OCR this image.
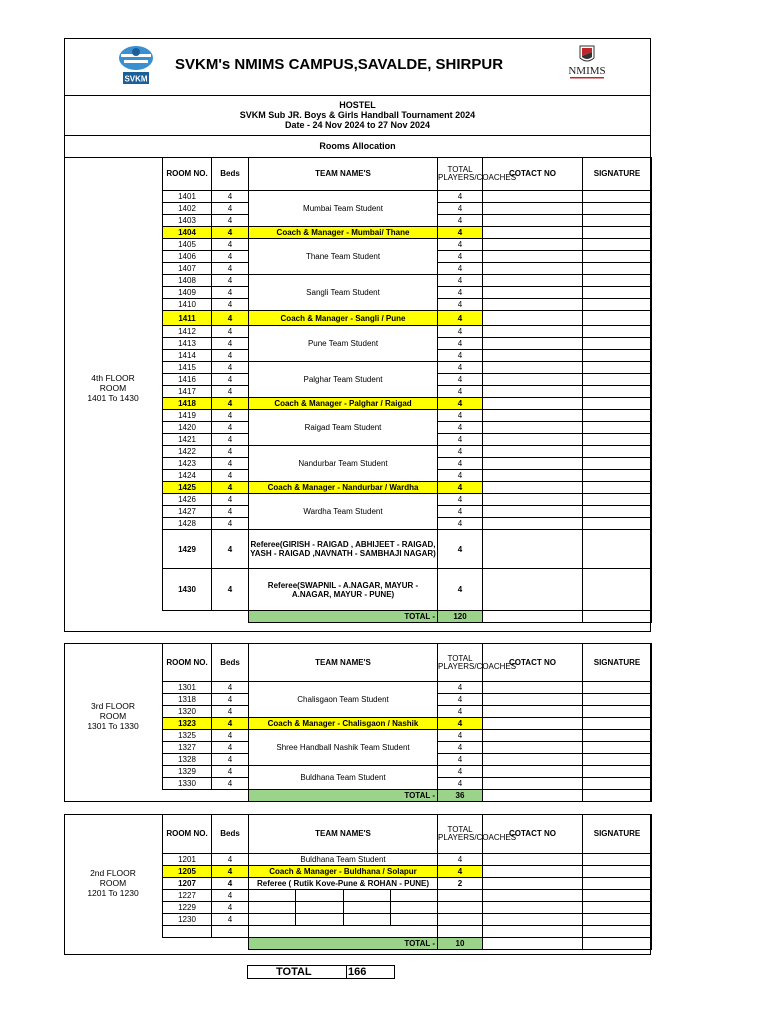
SVKM
SVKM's NMIMS CAMPUS,SAVALDE, SHIRPUR	NMIMS
HOSTEL
SVKM Sub JR. Boys & Girls Handball Tournament 2024
Date - 24 Nov 2024 to 27 Nov 2024
Rooms Allocation
4th FLOOR
ROOM
1401 To 1430
3rd FLOOR
ROOM
1301 To 1330
2nd FLOOR
ROOM
1201 To 1230
ROOM NO.	Beds	TEAM NAME'S	TOTAL PLAYERS/COACHES	COTACT NO	SIGNATURE
1401	4	Mumbai Team Student	4		
1402	4		4		
1403	4		4		
1404	4	Coach & Manager - Mumbai/ Thane	4		
1405	4	Thane Team Student	4		
1406	4		4		
1407	4		4		
1408	4	Sangli Team Student	4		
1409	4		4		
1410	4		4		
1411	4	Coach & Manager - Sangli / Pune	4		
1412	4	Pune Team Student	4		
1413	4		4		
1414	4		4		
1415	4	Palghar Team Student	4		
1416	4		4		
1417	4		4		
1418	4	Coach & Manager - Palghar / Raigad	4		
1419	4	Raigad Team Student	4		
1420	4		4		
1421	4		4		
1422	4	Nandurbar Team Student	4		
1423	4		4		
1424	4		4		
1425	4	Coach & Manager - Nandurbar / Wardha	4		
1426	4	Wardha Team Student	4		
1427	4		4		
1428	4		4		
1429	4	Referee(GIRISH - RAIGAD , ABHIJEET - RAIGAD, YASH - RAIGAD ,NAVNATH - SAMBHAJI NAGAR)	4		
1430	4	Referee(SWAPNIL - A.NAGAR, MAYUR - A.NAGAR, MAYUR - PUNE)	4		
		TOTAL -	120		
ROOM NO.	Beds	TEAM NAME'S	TOTAL PLAYERS/COACHES	COTACT NO	SIGNATURE
1301	4	Chalisgaon Team Student	4		
1318	4		4		
1320	4		4		
1323	4	Coach & Manager - Chalisgaon / Nashik	4		
1325	4	Shree Handball Nashik Team Student	4		
1327	4		4		
1328	4		4		
1329	4	Buldhana Team Student	4		
1330	4		4		
		TOTAL -	36		
ROOM NO.	Beds	TEAM NAME'S	TOTAL PLAYERS/COACHES	COTACT NO	SIGNATURE
1201	4	Buldhana Team Student	4		
1205	4	Coach & Manager - Buldhana / Solapur	4		
1207	4	Referee ( Rutik Kove-Pune & ROHAN - PUNE)	2		
1227	4	

1229	4	

1230	4	

		TOTAL -	10		
TOTAL	166
